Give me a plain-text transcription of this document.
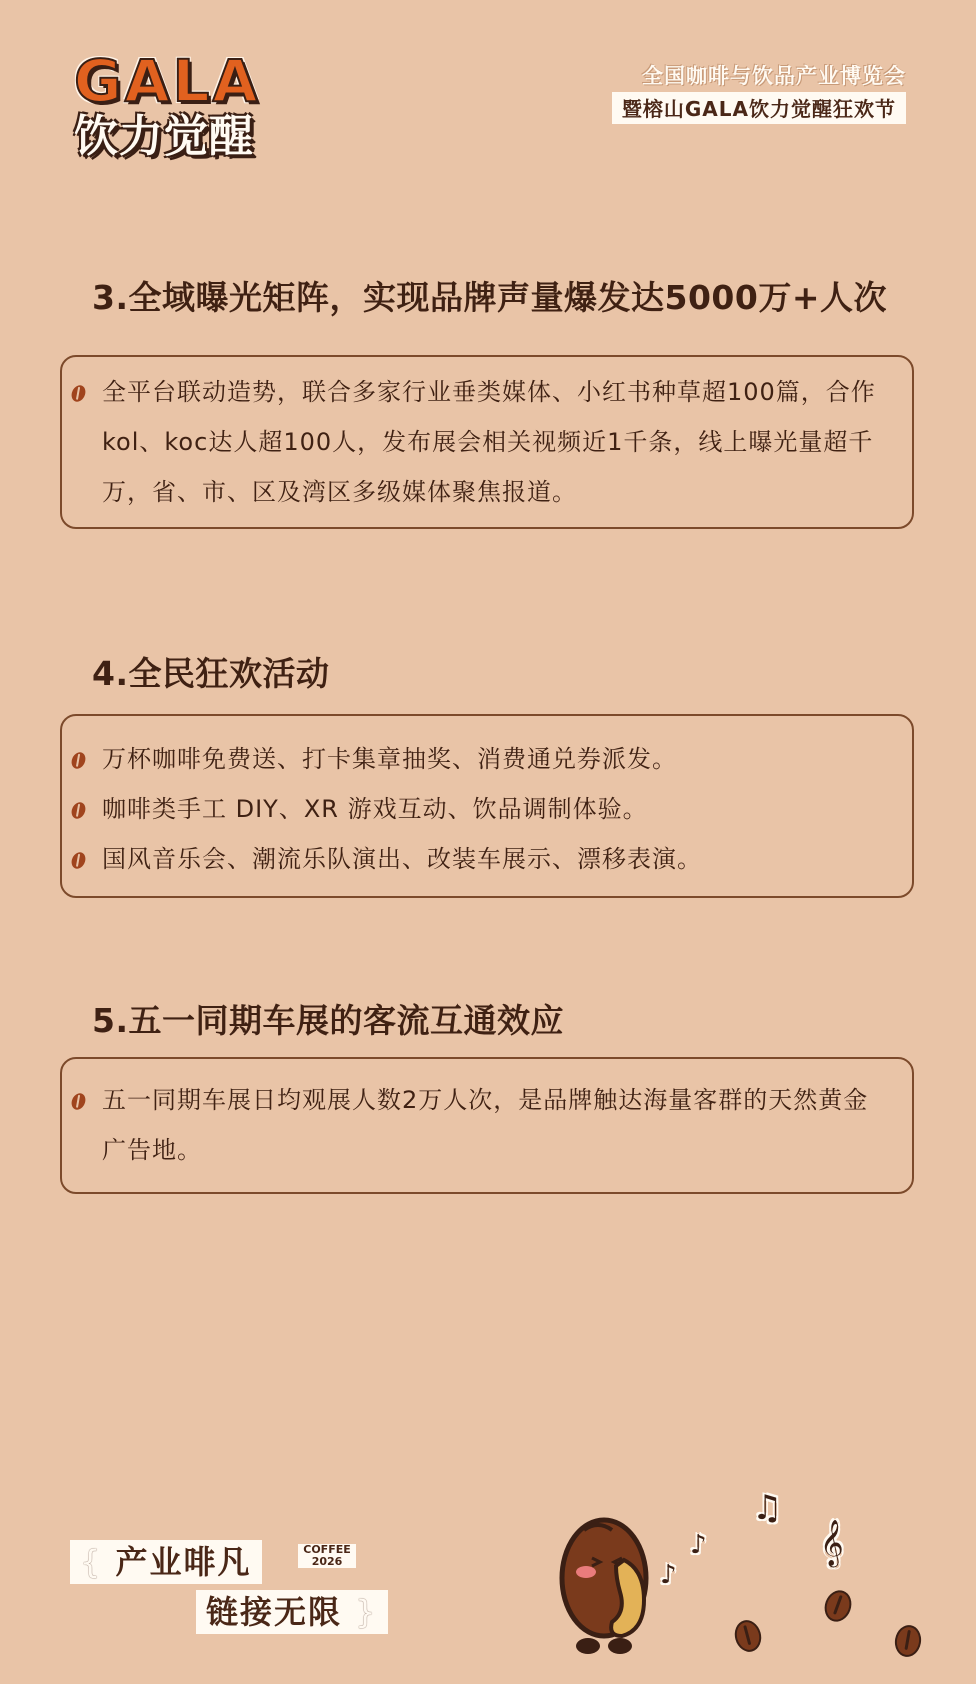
GALA
饮力觉醒
全国咖啡与饮品产业博览会
暨榕山GALA饮力觉醒狂欢节
3.全域曝光矩阵，实现品牌声量爆发达5000万+人次
全平台联动造势，联合多家行业垂类媒体、小红书种草超100篇，合作kol、koc达人超100人，发布展会相关视频近1千条，线上曝光量超千万，省、市、区及湾区多级媒体聚焦报道。
4.全民狂欢活动
万杯咖啡免费送、打卡集章抽奖、消费通兑券派发。
咖啡类手工 DIY、XR 游戏互动、饮品调制体验。
国风音乐会、潮流乐队演出、改装车展示、漂移表演。
5.五一同期车展的客流互通效应
五一同期车展日均观展人数2万人次，是品牌触达海量客群的天然黄金广告地。
{ 产业啡凡	COFFEE
2026
链接无限 }
♫
♪
♪
𝄞
